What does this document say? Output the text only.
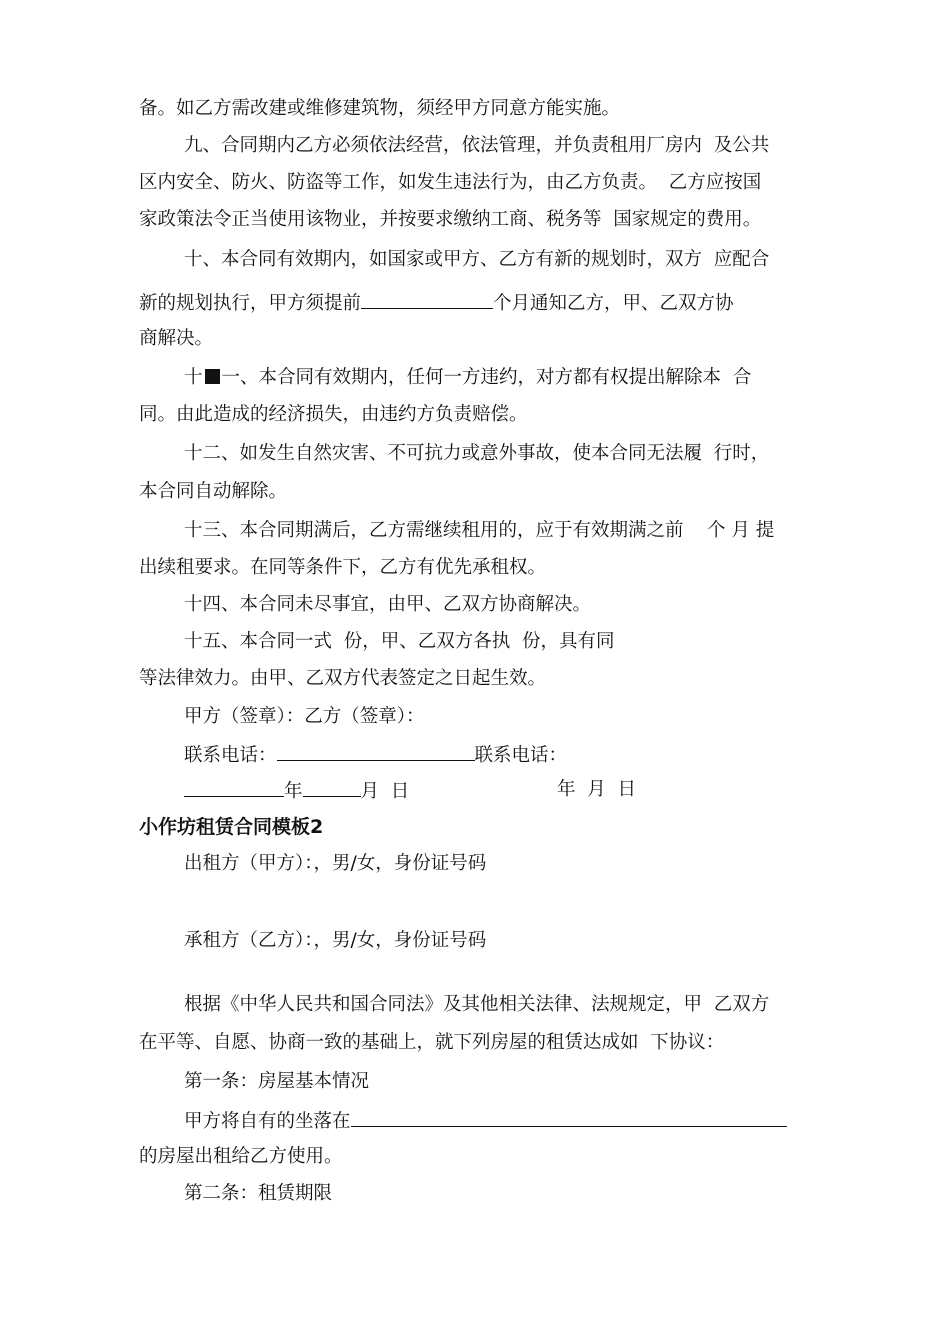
备。如乙方需改建或维修建筑物，须经甲方同意方能实施。
九、合同期内乙方必须依法经营，依法管理，并负责租用厂房内  及公共
区内安全、防火、防盗等工作，如发生违法行为，由乙方负责。  乙方应按国
家政策法令正当使用该物业，并按要求缴纳工商、税务等  国家规定的费用。
十、本合同有效期内，如国家或甲方、乙方有新的规划时，双方  应配合
新的规划执行，甲方须提前	个月通知乙方，甲、乙双方协
商解决。
十 一、本合同有效期内，任何一方违约，对方都有权提出解除本  合
同。由此造成的经济损失，由违约方负责赔偿。
十二、如发生自然灾害、不可抗力或意外事故，使本合同无法履  行时，
本合同自动解除。
十三、本合同期满后，乙方需继续租用的，应于有效期满之前    个 月 提
出续租要求。在同等条件下，乙方有优先承租权。
十四、本合同未尽事宜，由甲、乙双方协商解决。
十五、本合同一式  份，甲、乙双方各执  份，具有同
等法律效力。由甲、乙双方代表签定之日起生效。
甲方（签章）：乙方（签章）：
联系电话：	联系电话：
年	月  日	年  月  日
小作坊租赁合同模板2
出租方（甲方）：，男/女，身份证号码
承租方（乙方）：，男/女，身份证号码
根据《中华人民共和国合同法》及其他相关法律、法规规定，甲  乙双方
在平等、自愿、协商一致的基础上，就下列房屋的租赁达成如  下协议：
第一条：房屋基本情况
甲方将自有的坐落在
的房屋出租给乙方使用。
第二条：租赁期限
